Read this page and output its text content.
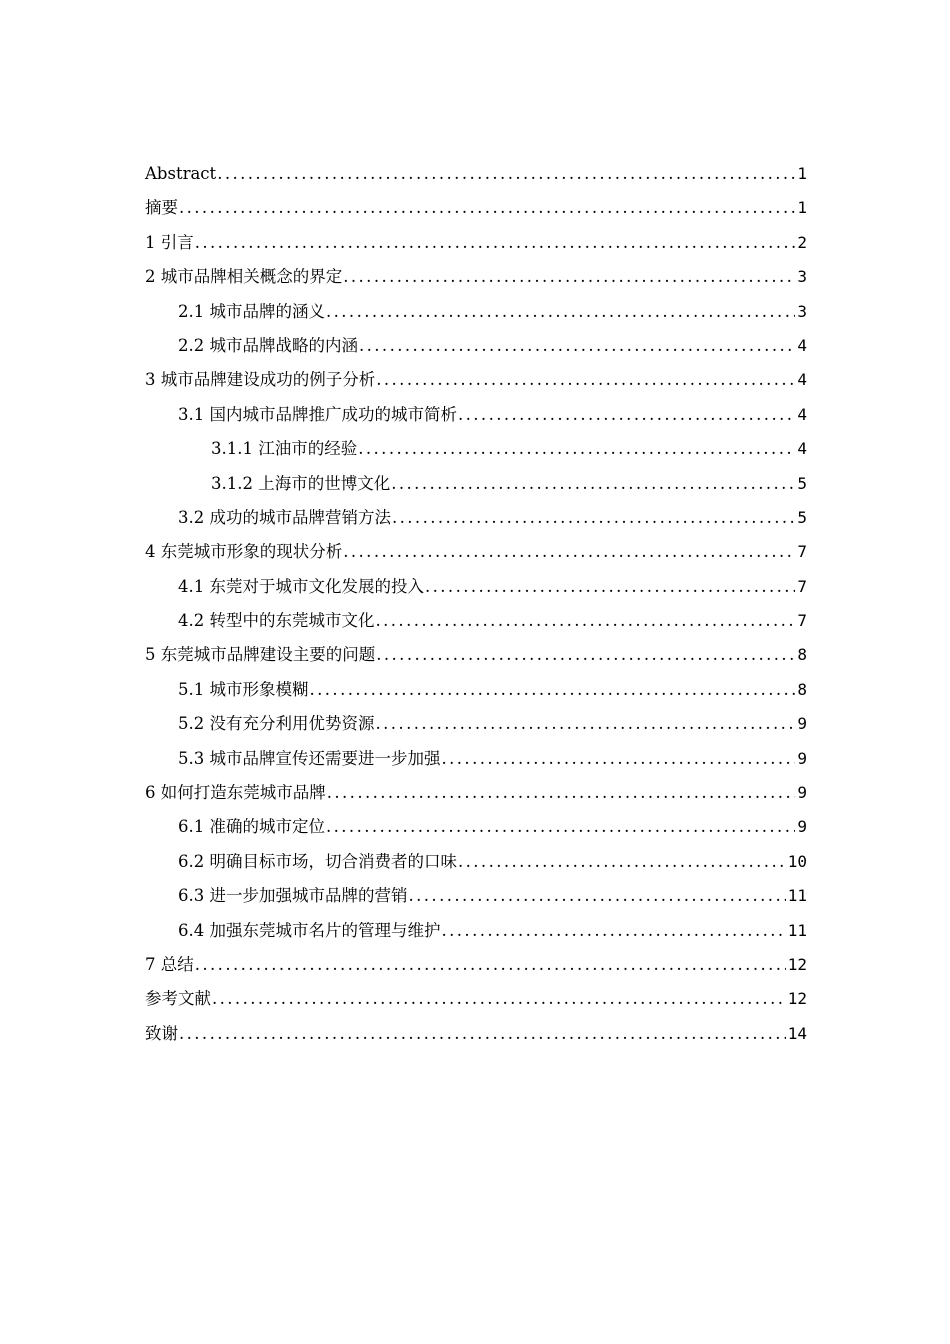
Abstract .....	1
摘要 .....	1
1 引言 .....	2
2 城市品牌相关概念的界定 .....	3
2.1 城市品牌的涵义 .....	3
2.2 城市品牌战略的内涵 .....	4
3 城市品牌建设成功的例子分析 .....	4
3.1 国内城市品牌推广成功的城市简析 .....	4
3.1.1 江油市的经验 .....	4
3.1.2 上海市的世博文化 .....	5
3.2 成功的城市品牌营销方法 .....	5
4 东莞城市形象的现状分析 .....	7
4.1 东莞对于城市文化发展的投入 .....	7
4.2 转型中的东莞城市文化 .....	7
5 东莞城市品牌建设主要的问题 .....	8
5.1 城市形象模糊 .....	8
5.2 没有充分利用优势资源 .....	9
5.3 城市品牌宣传还需要进一步加强 .....	9
6 如何打造东莞城市品牌 .....	9
6.1 准确的城市定位 .....	9
6.2 明确目标市场，切合消费者的口味 .....	10
6.3 进一步加强城市品牌的营销 .....	11
6.4 加强东莞城市名片的管理与维护 .....	11
7 总结 .....	12
参考文献 .....	12
致谢 .....	14
